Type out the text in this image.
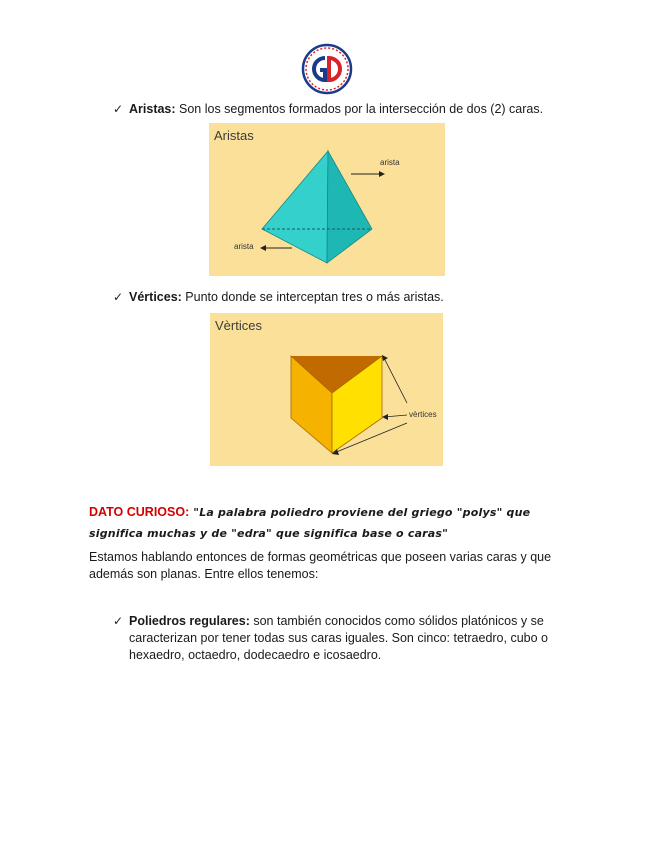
✓ Aristas: Son los segmentos formados por la intersección de dos (2) caras.
Aristas
arista
arista
✓ Vértices: Punto donde se interceptan tres o más aristas.
Vèrtices
vèrtices
DATO CURIOSO: "La palabra poliedro proviene del griego "polys" que significa muchas y de "edra" que significa base o caras"
Estamos hablando entonces de formas geométricas que poseen varias caras y que además son planas. Entre ellos tenemos:
✓ Poliedros regulares: son también conocidos como sólidos platónicos y se caracterizan por tener todas sus caras iguales. Son cinco: tetraedro, cubo o hexaedro, octaedro, dodecaedro e icosaedro.
